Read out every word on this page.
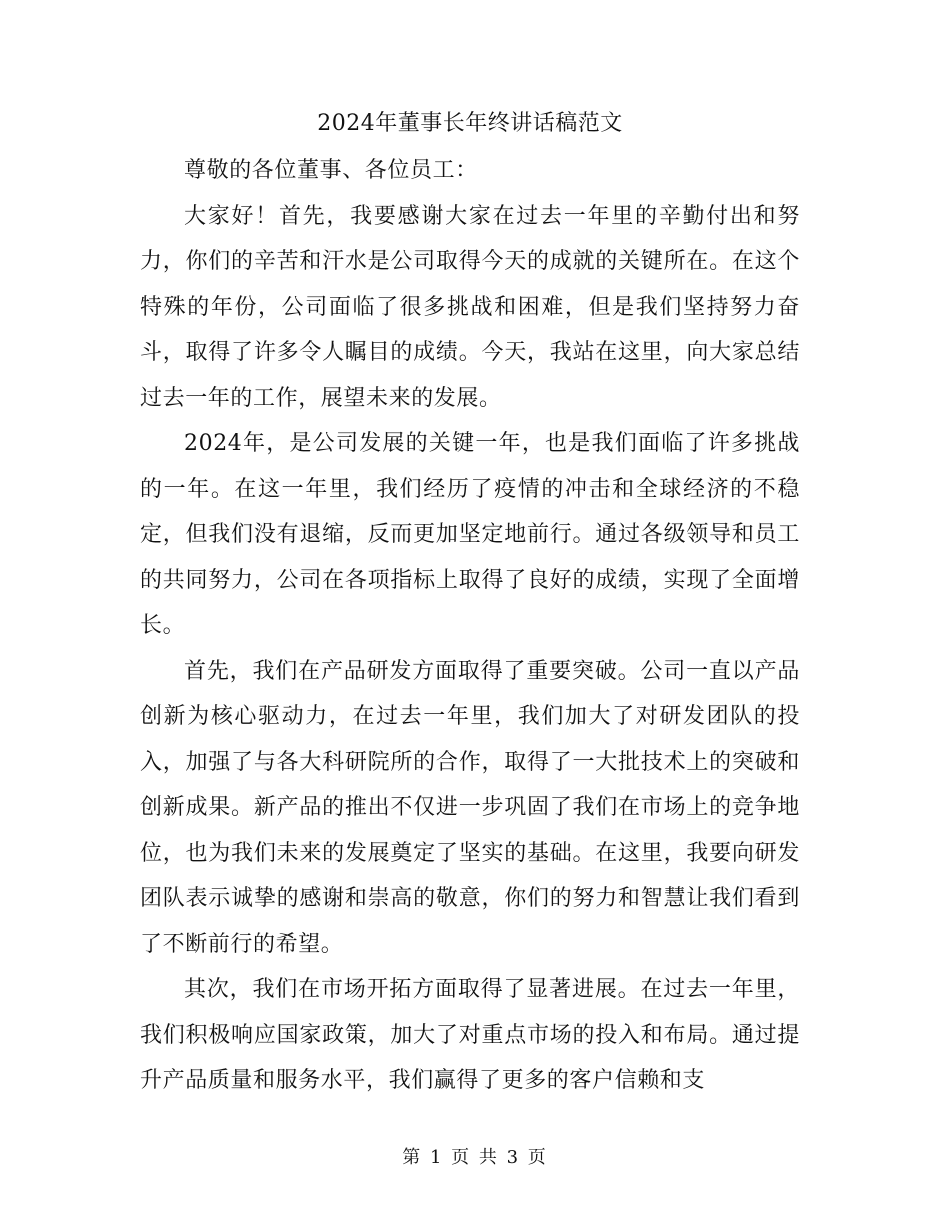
2024年董事长年终讲话稿范文

尊敬的各位董事、各位员工：

大家好！首先，我要感谢大家在过去一年里的辛勤付出和努力，你们的辛苦和汗水是公司取得今天的成就的关键所在。在这个特殊的年份，公司面临了很多挑战和困难，但是我们坚持努力奋斗，取得了许多令人瞩目的成绩。今天，我站在这里，向大家总结过去一年的工作，展望未来的发展。

2024年，是公司发展的关键一年，也是我们面临了许多挑战的一年。在这一年里，我们经历了疫情的冲击和全球经济的不稳定，但我们没有退缩，反而更加坚定地前行。通过各级领导和员工的共同努力，公司在各项指标上取得了良好的成绩，实现了全面增长。

首先，我们在产品研发方面取得了重要突破。公司一直以产品创新为核心驱动力，在过去一年里，我们加大了对研发团队的投入，加强了与各大科研院所的合作，取得了一大批技术上的突破和创新成果。新产品的推出不仅进一步巩固了我们在市场上的竞争地位，也为我们未来的发展奠定了坚实的基础。在这里，我要向研发团队表示诚挚的感谢和崇高的敬意，你们的努力和智慧让我们看到了不断前行的希望。

其次，我们在市场开拓方面取得了显著进展。在过去一年里，我们积极响应国家政策，加大了对重点市场的投入和布局。通过提升产品质量和服务水平，我们赢得了更多的客户信赖和支

第 1 页 共 3 页
